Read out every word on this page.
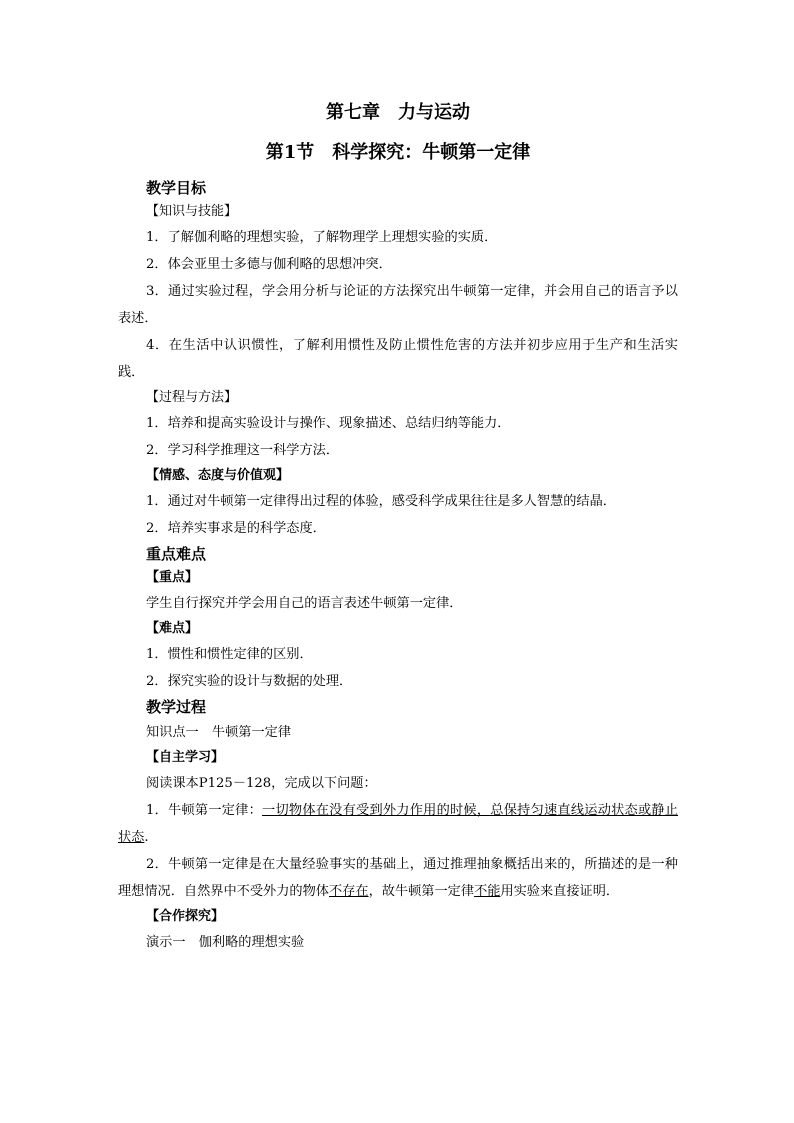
第七章　力与运动

第1节　科学探究：牛顿第一定律

教学目标

【知识与技能】

1．了解伽利略的理想实验，了解物理学上理想实验的实质．

2．体会亚里士多德与伽利略的思想冲突．

3．通过实验过程，学会用分析与论证的方法探究出牛顿第一定律，并会用自己的语言予以表述．

4．在生活中认识惯性，了解利用惯性及防止惯性危害的方法并初步应用于生产和生活实践．

【过程与方法】

1．培养和提高实验设计与操作、现象描述、总结归纳等能力．

2．学习科学推理这一科学方法．

【情感、态度与价值观】

1．通过对牛顿第一定律得出过程的体验，感受科学成果往往是多人智慧的结晶．

2．培养实事求是的科学态度．

重点难点

【重点】

学生自行探究并学会用自己的语言表述牛顿第一定律．

【难点】

1．惯性和惯性定律的区别．

2．探究实验的设计与数据的处理．

教学过程

知识点一　牛顿第一定律

【自主学习】

阅读课本P125－128，完成以下问题：

1．牛顿第一定律：一切物体在没有受到外力作用的时候，总保持匀速直线运动状态或静止状态.

2．牛顿第一定律是在大量经验事实的基础上，通过推理抽象概括出来的，所描述的是一种理想情况．自然界中不受外力的物体不存在，故牛顿第一定律不能用实验来直接证明．

【合作探究】

演示一　伽利略的理想实验
